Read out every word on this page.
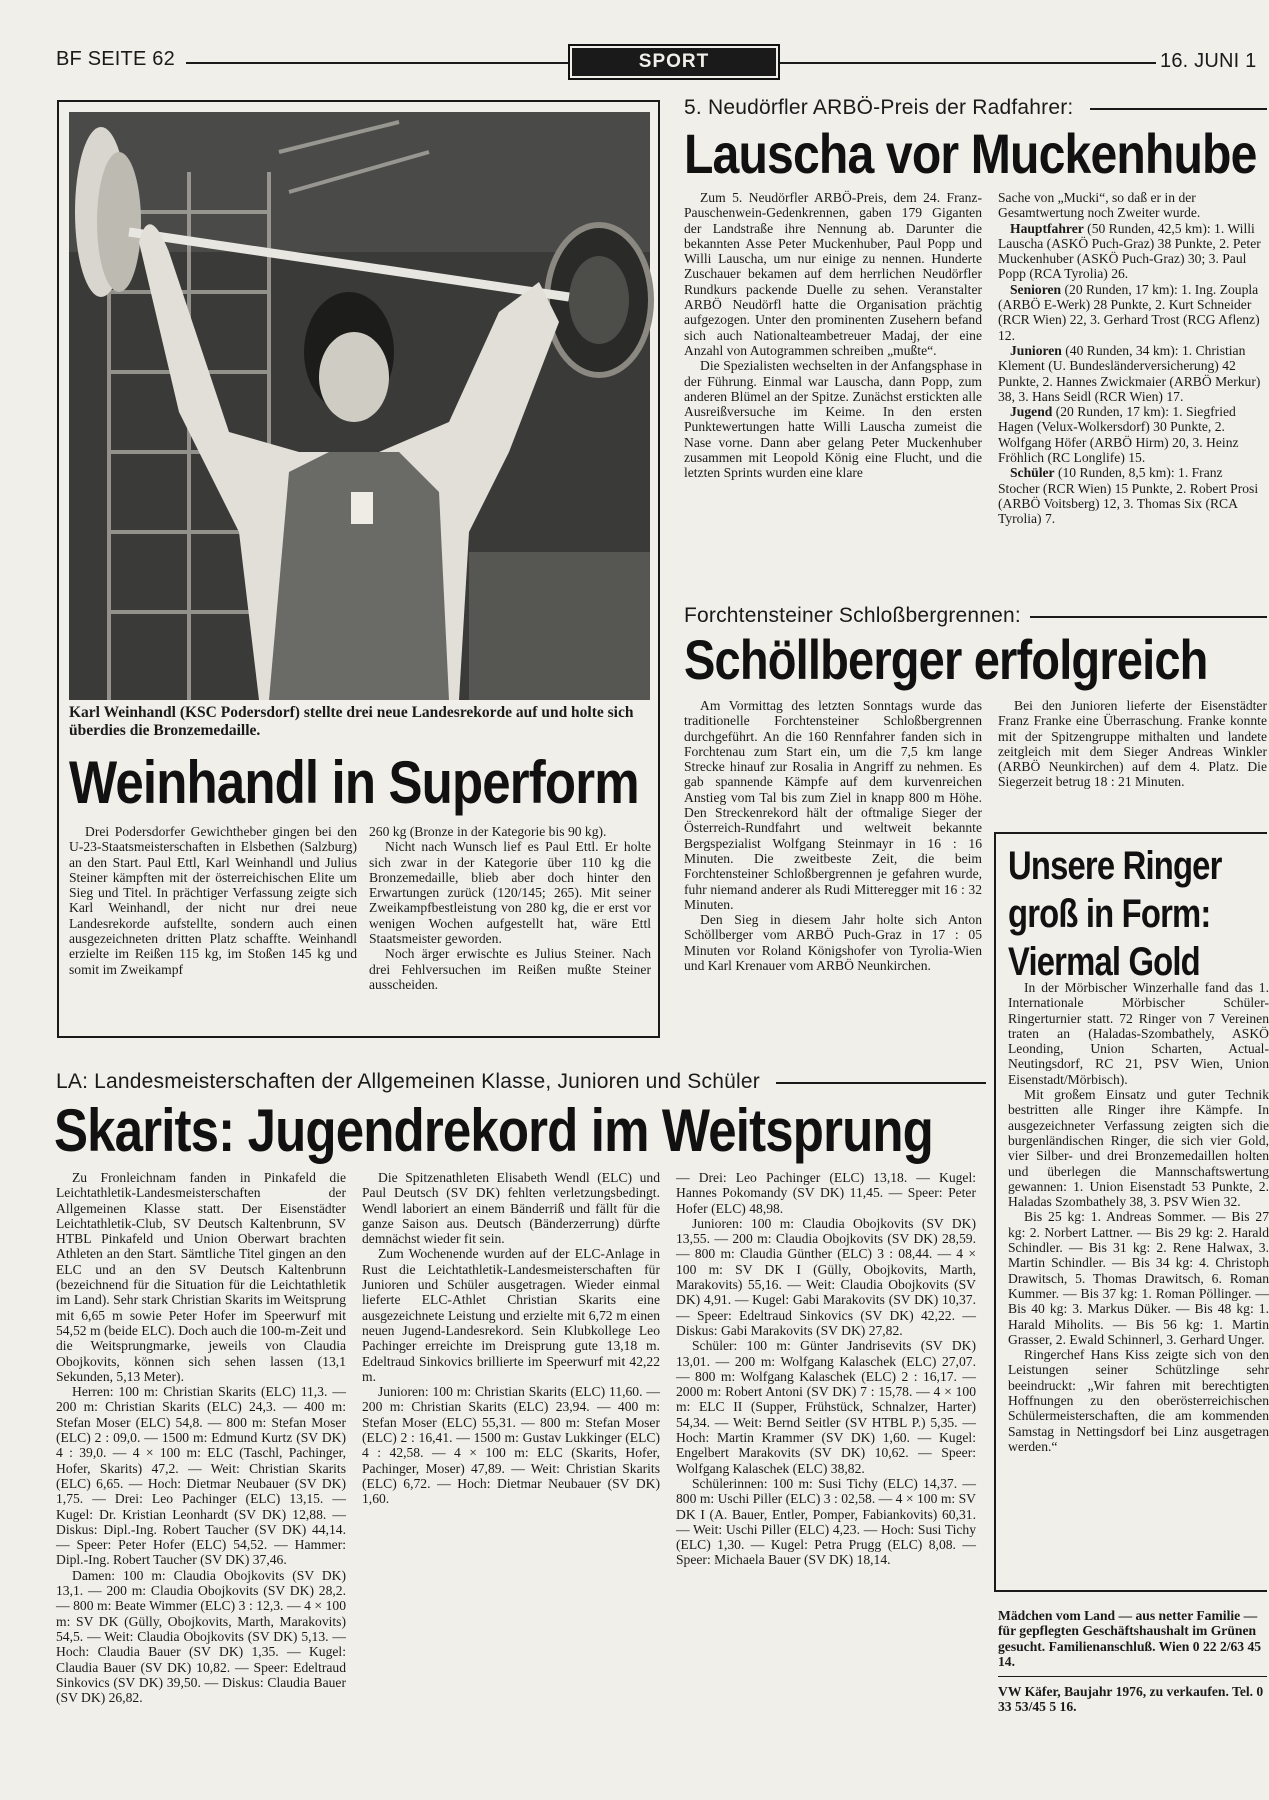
BF SEITE 62	SPORT	16. JUNI 1
Karl Weinhandl (KSC Podersdorf) stellte drei neue Landesrekorde auf und holte sich überdies die Bronzemedaille.
Weinhandl in Superform

Drei Podersdorfer Gewichtheber gingen bei den U-23-Staatsmeisterschaften in Elsbethen (Salzburg) an den Start. Paul Ettl, Karl Weinhandl und Julius Steiner kämpften mit der österreichischen Elite um Sieg und Titel. In prächtiger Verfassung zeigte sich Karl Weinhandl, der nicht nur drei neue Landesrekorde aufstellte, sondern auch einen ausgezeichneten dritten Platz schaffte. Weinhandl erzielte im Reißen 115 kg, im Stoßen 145 kg und somit im Zweikampf

260 kg (Bronze in der Kategorie bis 90 kg).

Nicht nach Wunsch lief es Paul Ettl. Er holte sich zwar in der Kategorie über 110 kg die Bronzemedaille, blieb aber doch hinter den Erwartungen zurück (120/145; 265). Mit seiner Zweikampfbestleistung von 280 kg, die er erst vor wenigen Wochen aufgestellt hat, wäre Ettl Staatsmeister geworden.

Noch ärger erwischte es Julius Steiner. Nach drei Fehlversuchen im Reißen mußte Steiner ausscheiden.

5. Neudörfler ARBÖ-Preis der Radfahrer:
Lauscha vor Muckenhube

Zum 5. Neudörfler ARBÖ-Preis, dem 24. Franz-Pauschenwein-Gedenkrennen, gaben 179 Giganten der Landstraße ihre Nennung ab. Darunter die bekannten Asse Peter Muckenhuber, Paul Popp und Willi Lauscha, um nur einige zu nennen. Hunderte Zuschauer bekamen auf dem herrlichen Neudörfler Rundkurs packende Duelle zu sehen. Veranstalter ARBÖ Neudörfl hatte die Organisation prächtig aufgezogen. Unter den prominenten Zusehern befand sich auch Nationalteambetreuer Madaj, der eine Anzahl von Autogrammen schreiben „mußte“.

Die Spezialisten wechselten in der Anfangsphase in der Führung. Einmal war Lauscha, dann Popp, zum anderen Blümel an der Spitze. Zunächst erstickten alle Ausreißversuche im Keime. In den ersten Punktewertungen hatte Willi Lauscha zumeist die Nase vorne. Dann aber gelang Peter Muckenhuber zusammen mit Leopold König eine Flucht, und die letzten Sprints wurden eine klare

Sache von „Mucki“, so daß er in der Gesamtwertung noch Zweiter wurde.

Hauptfahrer (50 Runden, 42,5 km): 1. Willi Lauscha (ASKÖ Puch-Graz) 38 Punkte, 2. Peter Muckenhuber (ASKÖ Puch-Graz) 30; 3. Paul Popp (RCA Tyrolia) 26.

Senioren (20 Runden, 17 km): 1. Ing. Zoupla (ARBÖ E-Werk) 28 Punkte, 2. Kurt Schneider (RCR Wien) 22, 3. Gerhard Trost (RCG Aflenz) 12.

Junioren (40 Runden, 34 km): 1. Christian Klement (U. Bundesländerversicherung) 42 Punkte, 2. Hannes Zwickmaier (ARBÖ Merkur) 38, 3. Hans Seidl (RCR Wien) 17.

Jugend (20 Runden, 17 km): 1. Siegfried Hagen (Velux-Wolkersdorf) 30 Punkte, 2. Wolfgang Höfer (ARBÖ Hirm) 20, 3. Heinz Fröhlich (RC Longlife) 15.

Schüler (10 Runden, 8,5 km): 1. Franz Stocher (RCR Wien) 15 Punkte, 2. Robert Prosi (ARBÖ Voitsberg) 12, 3. Thomas Six (RCA Tyrolia) 7.

Forchtensteiner Schloßbergrennen:
Schöllberger erfolgreich

Am Vormittag des letzten Sonntags wurde das traditionelle Forchtensteiner Schloßbergrennen durchgeführt. An die 160 Rennfahrer fanden sich in Forchtenau zum Start ein, um die 7,5 km lange Strecke hinauf zur Rosalia in Angriff zu nehmen. Es gab spannende Kämpfe auf dem kurvenreichen Anstieg vom Tal bis zum Ziel in knapp 800 m Höhe. Den Streckenrekord hält der oftmalige Sieger der Österreich-Rundfahrt und weltweit bekannte Bergspezialist Wolfgang Steinmayr in 16 : 16 Minuten. Die zweitbeste Zeit, die beim Forchtensteiner Schloßbergrennen je gefahren wurde, fuhr niemand anderer als Rudi Mitteregger mit 16 : 32 Minuten.

Den Sieg in diesem Jahr holte sich Anton Schöllberger vom ARBÖ Puch-Graz in 17 : 05 Minuten vor Roland Königshofer von Tyrolia-Wien und Karl Krenauer vom ARBÖ Neunkirchen.

Bei den Junioren lieferte der Eisenstädter Franz Franke eine Überraschung. Franke konnte mit der Spitzengruppe mithalten und landete zeitgleich mit dem Sieger Andreas Winkler (ARBÖ Neunkirchen) auf dem 4. Platz. Die Siegerzeit betrug 18 : 21 Minuten.

Unsere Ringer
groß in Form:
Viermal Gold

In der Mörbischer Winzerhalle fand das 1. Internationale Mörbischer Schüler-Ringerturnier statt. 72 Ringer von 7 Vereinen traten an (Haladas-Szombathely, ASKÖ Leonding, Union Scharten, Actual-Neutingsdorf, RC 21, PSV Wien, Union Eisenstadt/Mörbisch).

Mit großem Einsatz und guter Technik bestritten alle Ringer ihre Kämpfe. In ausgezeichneter Verfassung zeigten sich die burgenländischen Ringer, die sich vier Gold, vier Silber- und drei Bronzemedaillen holten und überlegen die Mannschaftswertung gewannen: 1. Union Eisenstadt 53 Punkte, 2. Haladas Szombathely 38, 3. PSV Wien 32.

Bis 25 kg: 1. Andreas Sommer. — Bis 27 kg: 2. Norbert Lattner. — Bis 29 kg: 2. Harald Schindler. — Bis 31 kg: 2. Rene Halwax, 3. Martin Schindler. — Bis 34 kg: 4. Christoph Drawitsch, 5. Thomas Drawitsch, 6. Roman Kummer. — Bis 37 kg: 1. Roman Pöllinger. — Bis 40 kg: 3. Markus Düker. — Bis 48 kg: 1. Harald Miholits. — Bis 56 kg: 1. Martin Grasser, 2. Ewald Schinnerl, 3. Gerhard Unger.

Ringerchef Hans Kiss zeigte sich von den Leistungen seiner Schützlinge sehr beeindruckt: „Wir fahren mit berechtigten Hoffnungen zu den oberösterreichischen Schülermeisterschaften, die am kommenden Samstag in Nettingsdorf bei Linz ausgetragen werden.“

Mädchen vom Land — aus netter Familie — für gepflegten Geschäftshaushalt im Grünen gesucht. Familienanschluß. Wien 0 22 2/63 45 14.

VW Käfer, Baujahr 1976, zu verkaufen. Tel. 0 33 53/45 5 16.

LA: Landesmeisterschaften der Allgemeinen Klasse, Junioren und Schüler
Skarits: Jugendrekord im Weitsprung

Zu Fronleichnam fanden in Pinkafeld die Leichtathletik-Landesmeisterschaften der Allgemeinen Klasse statt. Der Eisenstädter Leichtathletik-Club, SV Deutsch Kaltenbrunn, SV HTBL Pinkafeld und Union Oberwart brachten Athleten an den Start. Sämtliche Titel gingen an den ELC und an den SV Deutsch Kaltenbrunn (bezeichnend für die Situation für die Leichtathletik im Land). Sehr stark Christian Skarits im Weitsprung mit 6,65 m sowie Peter Hofer im Speerwurf mit 54,52 m (beide ELC). Doch auch die 100-m-Zeit und die Weitsprungmarke, jeweils von Claudia Obojkovits, können sich sehen lassen (13,1 Sekunden, 5,13 Meter).

Herren: 100 m: Christian Skarits (ELC) 11,3. — 200 m: Christian Skarits (ELC) 24,3. — 400 m: Stefan Moser (ELC) 54,8. — 800 m: Stefan Moser (ELC) 2 : 09,0. — 1500 m: Edmund Kurtz (SV DK) 4 : 39,0. — 4 × 100 m: ELC (Taschl, Pachinger, Hofer, Skarits) 47,2. — Weit: Christian Skarits (ELC) 6,65. — Hoch: Dietmar Neubauer (SV DK) 1,75. — Drei: Leo Pachinger (ELC) 13,15. — Kugel: Dr. Kristian Leonhardt (SV DK) 12,88. — Diskus: Dipl.-Ing. Robert Taucher (SV DK) 44,14. — Speer: Peter Hofer (ELC) 54,52. — Hammer: Dipl.-Ing. Robert Taucher (SV DK) 37,46.

Damen: 100 m: Claudia Obojkovits (SV DK) 13,1. — 200 m: Claudia Obojkovits (SV DK) 28,2. — 800 m: Beate Wimmer (ELC) 3 : 12,3. — 4 × 100 m: SV DK (Gülly, Obojkovits, Marth, Marakovits) 54,5. — Weit: Claudia Obojkovits (SV DK) 5,13. — Hoch: Claudia Bauer (SV DK) 1,35. — Kugel: Claudia Bauer (SV DK) 10,82. — Speer: Edeltraud Sinkovics (SV DK) 39,50. — Diskus: Claudia Bauer (SV DK) 26,82.

Die Spitzenathleten Elisabeth Wendl (ELC) und Paul Deutsch (SV DK) fehlten verletzungsbedingt. Wendl laboriert an einem Bänderriß und fällt für die ganze Saison aus. Deutsch (Bänderzerrung) dürfte demnächst wieder fit sein.

Zum Wochenende wurden auf der ELC-Anlage in Rust die Leichtathletik-Landesmeisterschaften für Junioren und Schüler ausgetragen. Wieder einmal lieferte ELC-Athlet Christian Skarits eine ausgezeichnete Leistung und erzielte mit 6,72 m einen neuen Jugend-Landesrekord. Sein Klubkollege Leo Pachinger erreichte im Dreisprung gute 13,18 m. Edeltraud Sinkovics brillierte im Speerwurf mit 42,22 m.

Junioren: 100 m: Christian Skarits (ELC) 11,60. — 200 m: Christian Skarits (ELC) 23,94. — 400 m: Stefan Moser (ELC) 55,31. — 800 m: Stefan Moser (ELC) 2 : 16,41. — 1500 m: Gustav Lukkinger (ELC) 4 : 42,58. — 4 × 100 m: ELC (Skarits, Hofer, Pachinger, Moser) 47,89. — Weit: Christian Skarits (ELC) 6,72. — Hoch: Dietmar Neubauer (SV DK) 1,60.

— Drei: Leo Pachinger (ELC) 13,18. — Kugel: Hannes Pokomandy (SV DK) 11,45. — Speer: Peter Hofer (ELC) 48,98.

Junioren: 100 m: Claudia Obojkovits (SV DK) 13,55. — 200 m: Claudia Obojkovits (SV DK) 28,59. — 800 m: Claudia Günther (ELC) 3 : 08,44. — 4 × 100 m: SV DK I (Gülly, Obojkovits, Marth, Marakovits) 55,16. — Weit: Claudia Obojkovits (SV DK) 4,91. — Kugel: Gabi Marakovits (SV DK) 10,37. — Speer: Edeltraud Sinkovics (SV DK) 42,22. — Diskus: Gabi Marakovits (SV DK) 27,82.

Schüler: 100 m: Günter Jandrisevits (SV DK) 13,01. — 200 m: Wolfgang Kalaschek (ELC) 27,07. — 800 m: Wolfgang Kalaschek (ELC) 2 : 16,17. — 2000 m: Robert Antoni (SV DK) 7 : 15,78. — 4 × 100 m: ELC II (Supper, Frühstück, Schnalzer, Harter) 54,34. — Weit: Bernd Seitler (SV HTBL P.) 5,35. — Hoch: Martin Krammer (SV DK) 1,60. — Kugel: Engelbert Marakovits (SV DK) 10,62. — Speer: Wolfgang Kalaschek (ELC) 38,82.

Schülerinnen: 100 m: Susi Tichy (ELC) 14,37. — 800 m: Uschi Piller (ELC) 3 : 02,58. — 4 × 100 m: SV DK I (A. Bauer, Entler, Pomper, Fabiankovits) 60,31. — Weit: Uschi Piller (ELC) 4,23. — Hoch: Susi Tichy (ELC) 1,30. — Kugel: Petra Prugg (ELC) 8,08. — Speer: Michaela Bauer (SV DK) 18,14.
